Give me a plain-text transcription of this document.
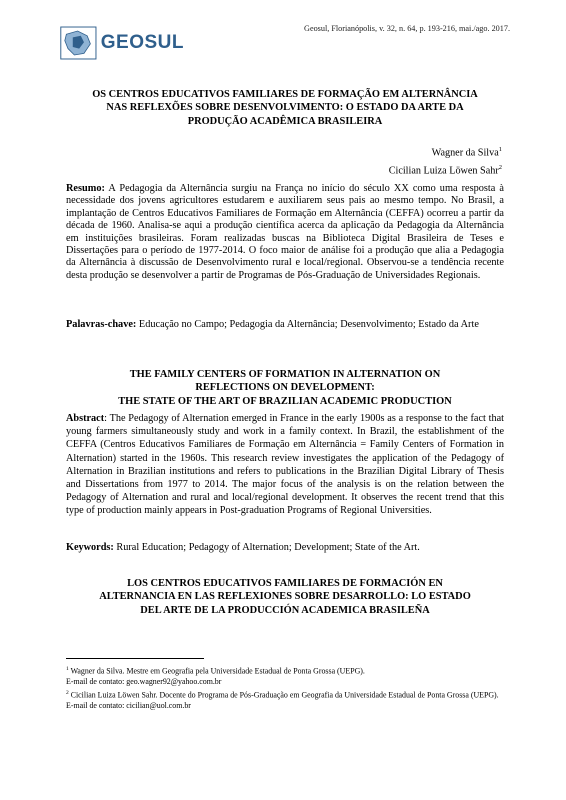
GEOSUL
Geosul, Florianópolis, v. 32, n. 64, p. 193-216, mai./ago. 2017.
OS CENTROS EDUCATIVOS FAMILIARES DE FORMAÇÃO EM ALTERNÂNCIA
NAS REFLEXÕES SOBRE DESENVOLVIMENTO: O ESTADO DA ARTE DA
PRODUÇÃO ACADÊMICA BRASILEIRA
Wagner da Silva$^1$
Cicilian Luiza Löwen Sahr$^2$
Resumo: A Pedagogia da Alternância surgiu na França no início do século XX como uma resposta à necessidade dos jovens agricultores estudarem e auxiliarem seus pais ao mesmo tempo. No Brasil, a implantação de Centros Educativos Familiares de Formação em Alternância (CEFFA) ocorreu a partir da década de 1960. Analisa-se aqui a produção científica acerca da aplicação da Pedagogia da Alternância em instituições brasileiras. Foram realizadas buscas na Biblioteca Digital Brasileira de Teses e Dissertações para o período de 1977-2014. O foco maior de análise foi a produção que alia a Pedagogia da Alternância à discussão de Desenvolvimento rural e local/regional. Observou-se a tendência recente desta produção se desenvolver a partir de Programas de Pós-Graduação de Universidades Regionais.
Palavras-chave: Educação no Campo; Pedagogia da Alternância; Desenvolvimento; Estado da Arte
THE FAMILY CENTERS OF FORMATION IN ALTERNATION ON
REFLECTIONS ON DEVELOPMENT:
THE STATE OF THE ART OF BRAZILIAN ACADEMIC PRODUCTION
Abstract: The Pedagogy of Alternation emerged in France in the early 1900s as a response to the fact that young farmers simultaneously study and work in a family context. In Brazil, the establishment of the CEFFA (Centros Educativos Familiares de Formação em Alternância = Family Centers of Formation in Alternation) started in the 1960s. This research review investigates the application of the Pedagogy of Alternation in Brazilian institutions and refers to publications in the Brazilian Digital Library of Thesis and Dissertations from 1977 to 2014. The major focus of the analysis is on the relation between the Pedagogy of Alternation and rural and local/regional development. It observes the recent trend that this type of production mainly appears in Post-graduation Programs of Regional Universities.
Keywords: Rural Education; Pedagogy of Alternation; Development; State of the Art.
LOS CENTROS EDUCATIVOS FAMILIARES DE FORMACIÓN EN
ALTERNANCIA EN LAS REFLEXIONES SOBRE DESARROLLO: LO ESTADO
DEL ARTE DE LA PRODUCCIÓN ACADEMICA BRASILEÑA
$^1$ Wagner da Silva. Mestre em Geografia pela Universidade Estadual de Ponta Grossa (UEPG).
E-mail de contato: geo.wagner92@yahoo.com.br
$^2$ Cicilian Luiza Löwen Sahr. Docente do Programa de Pós-Graduação em Geografia da Universidade Estadual de Ponta Grossa (UEPG). E-mail de contato: cicilian@uol.com.br
